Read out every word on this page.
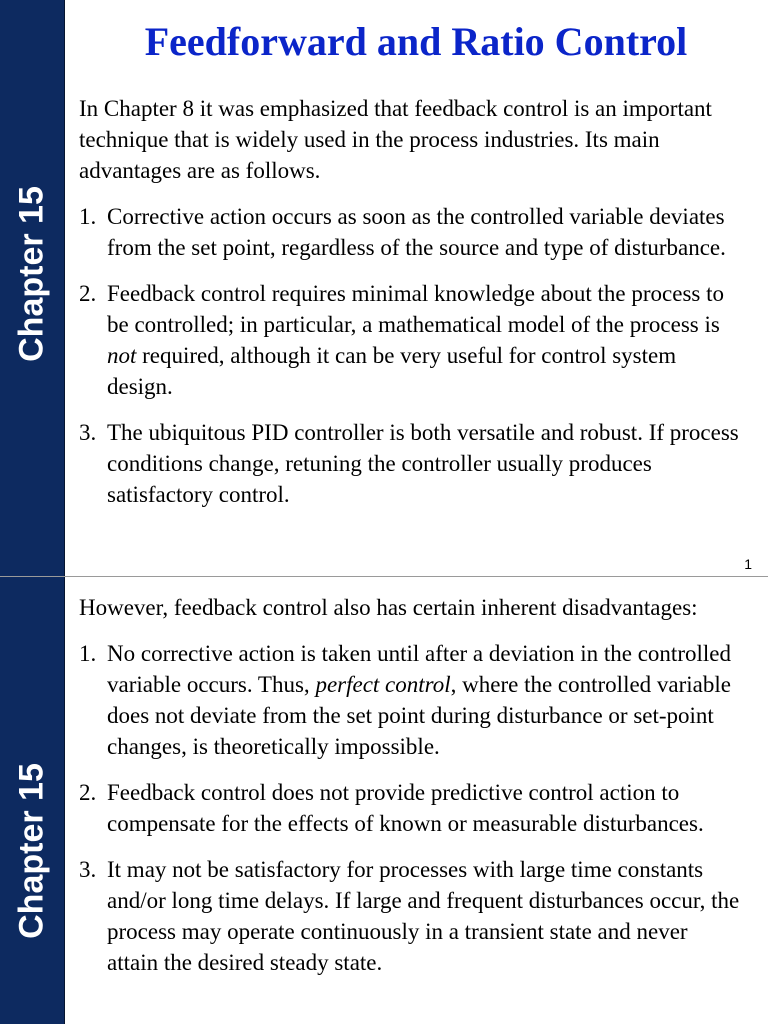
Chapter 15
Feedforward and Ratio Control

In Chapter 8 it was emphasized that feedback control is an important technique that is widely used in the process industries. Its main advantages are as follows.

1. Corrective action occurs as soon as the controlled variable deviates from the set point, regardless of the source and type of disturbance.
2. Feedback control requires minimal knowledge about the process to be controlled; in particular, a mathematical model of the process is not required, although it can be very useful for control system design.
3. The ubiquitous PID controller is both versatile and robust. If process conditions change, retuning the controller usually produces satisfactory control.
1
Chapter 15

However, feedback control also has certain inherent disadvantages:

1. No corrective action is taken until after a deviation in the controlled variable occurs. Thus, perfect control, where the controlled variable does not deviate from the set point during disturbance or set-point changes, is theoretically impossible.
2. Feedback control does not provide predictive control action to compensate for the effects of known or measurable disturbances.
3. It may not be satisfactory for processes with large time constants and/or long time delays. If large and frequent disturbances occur, the process may operate continuously in a transient state and never attain the desired steady state.
